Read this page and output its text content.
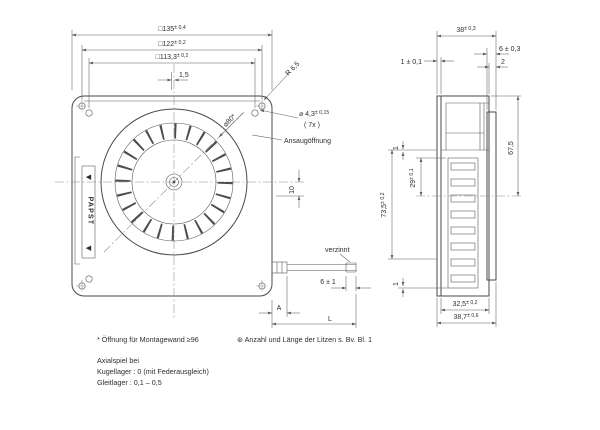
◀
PAPST
◀
$□135^{\pm 0,4}$
$□122^{\pm 0,2}$
$□113,3^{\pm 0,2}$
1,5	R 6,5
⌀ $4,3^{\pm 0,15}$
( 7x )
⌀80*
Ansaugöffnung
10
verzinnt
6 ± 1
A
L
$38^{\pm 0,3}$
1 ± 0,1
6 ± 0,3
2
67,5
$73,5^{\pm 0,2}$
$29^{\pm 0,1}$
1
1
$32,5^{\pm 0,2}$
$38,7^{\pm 0,6}$
* Öffnung für Montagewand ≥96	⊛ Anzahl und Länge der Litzen s. Bv. Bl. 1
Axialspiel bei
Kugellager : 0 (mit Federausgleich)
Gleitlager : 0,1 – 0,5
